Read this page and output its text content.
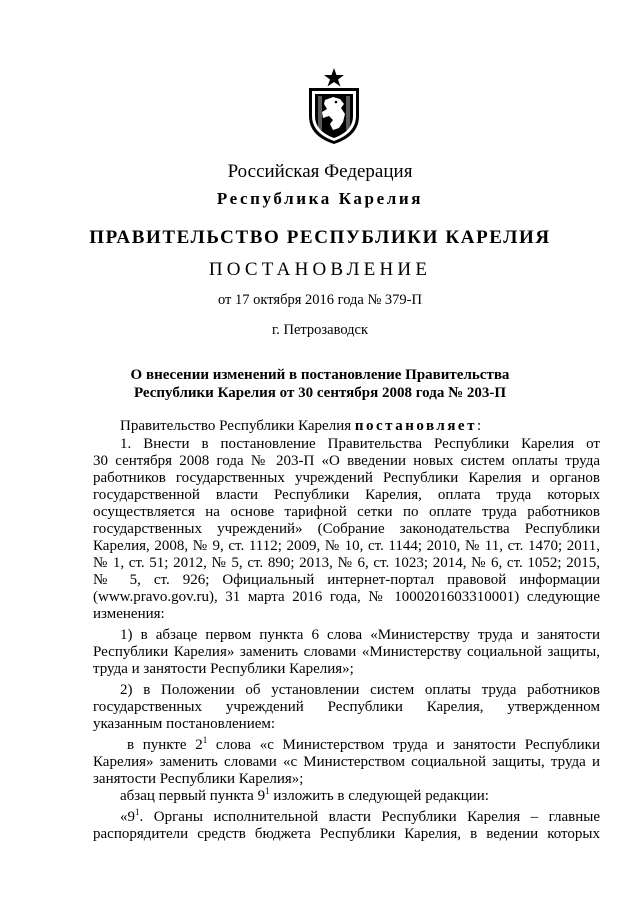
Российская Федерация
Республика Карелия
ПРАВИТЕЛЬСТВО РЕСПУБЛИКИ КАРЕЛИЯ
ПОСТАНОВЛЕНИЕ
от 17 октября 2016 года № 379-П
г. Петрозаводск
О внесении изменений в постановление Правительства
Республики Карелия от 30 сентября 2008 года № 203-П
Правительство Республики Карелия постановляет:
1. Внести в постановление Правительства Республики Карелия от
30 сентября 2008 года № 203-П «О введении новых систем оплаты труда
работников государственных учреждений Республики Карелия и органов
государственной власти Республики Карелия, оплата труда которых
осуществляется на основе тарифной сетки по оплате труда работников
государственных учреждений» (Собрание законодательства Республики
Карелия, 2008, № 9, ст. 1112; 2009, № 10, ст. 1144; 2010, № 11, ст. 1470; 2011,
№ 1, ст. 51; 2012, № 5, ст. 890; 2013, № 6, ст. 1023; 2014, № 6, ст. 1052; 2015,
№ 5, ст. 926; Официальный интернет-портал правовой информации
(www.pravo.gov.ru), 31 марта 2016 года, № 1000201603310001) следующие
изменения:
1) в абзаце первом пункта 6 слова «Министерству труда и занятости
Республики Карелия» заменить словами «Министерству социальной защиты,
труда и занятости Республики Карелия»;
2) в Положении об установлении систем оплаты труда работников
государственных учреждений Республики Карелия, утвержденном
указанным постановлением:
в пункте $2^1$ слова «с Министерством труда и занятости Республики
Карелия» заменить словами «с Министерством социальной защиты, труда и
занятости Республики Карелия»;
абзац первый пункта $9^1$ изложить в следующей редакции:
«$9^1$. Органы исполнительной власти Республики Карелия – главные
распорядители средств бюджета Республики Карелия, в ведении которых
